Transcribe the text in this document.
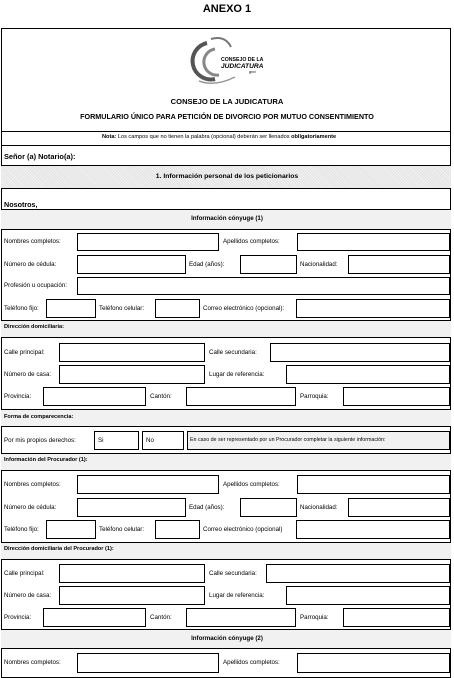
ANEXO 1
CONSEJO DE LA
JUDICATURA
goo
CONSEJO DE LA JUDICATURA
FORMULARIO ÚNICO PARA PETICIÓN DE DIVORCIO POR MUTUO CONSENTIMIENTO
Nota: Los campos que no tienen la palabra (opcional) deberán ser llenados obligatoriamente
Señor (a) Notario(a):
1. Información personal de los peticionarios
Nosotros,
Información cónyuge (1)
Nombres completos:	Apellidos completos:
Número de cédula:	Edad (años):	Nacionalidad:
Profesión u ocupación:
Teléfono fijo:	Teléfono celular:	Correo electrónico (opcional):
Dirección domiciliaria:
Calle principal:	Calle secundaria:
Número de casa:	Lugar de referencia:
Provincia:	Cantón:	Parroquia:
Forma de comparecencia:
Por mis propios derechos:	Si	No	En caso de ser representado por un Procurador completar la siguiente información:
Información del Procurador (1):
Nombres completos:	Apellidos completos:
Número de cédula:	Edad (años):	Nacionalidad:
Teléfono fijo:	Teléfono celular:	Correo electrónico (opcional)
Dirección domiciliaria del Procurador (1):
Calle principal:	Calle secundaria:
Número de casa:	Lugar de referencia:
Provincia:	Cantón:	Parroquia:
Información cónyuge (2)
Nombres completos:	Apellidos completos:
